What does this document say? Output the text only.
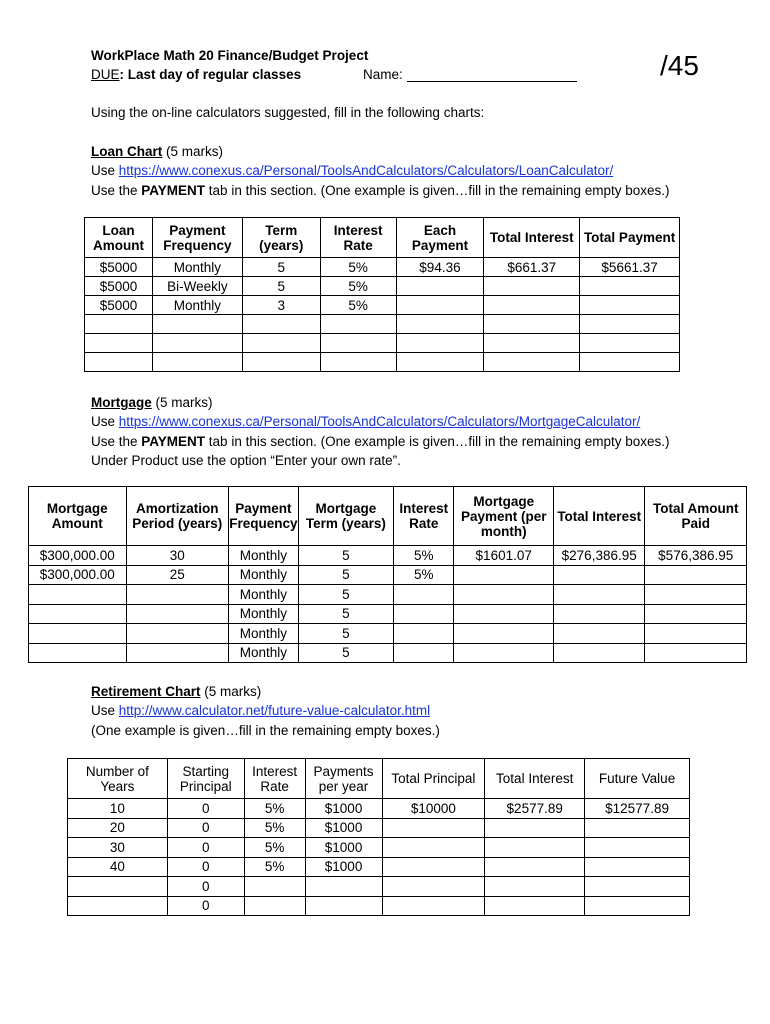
WorkPlace Math 20 Finance/Budget Project
DUE: Last day of regular classes	Name:	/45
Using the on-line calculators suggested, fill in the following charts:
Loan Chart (5 marks)
Use https://www.conexus.ca/Personal/ToolsAndCalculators/Calculators/LoanCalculator/
Use the PAYMENT tab in this section. (One example is given…fill in the remaining empty boxes.)
Loan Amount	Payment Frequency	Term (years)	Interest Rate	Each Payment	Total Interest	Total Payment
$5000	Monthly	5	5%	$94.36	$661.37	$5661.37
$5000	Bi-Weekly	5	5%			
$5000	Monthly	3	5%			

Mortgage (5 marks)
Use https://www.conexus.ca/Personal/ToolsAndCalculators/Calculators/MortgageCalculator/
Use the PAYMENT tab in this section. (One example is given…fill in the remaining empty boxes.)
Under Product use the option “Enter your own rate”.
Mortgage Amount	Amortization Period (years)	Payment Frequency	Mortgage Term (years)	Interest Rate	Mortgage Payment (per month)	Total Interest	Total Amount Paid
$300,000.00	30	Monthly	5	5%	$1601.07	$276,386.95	$576,386.95
$300,000.00	25	Monthly	5	5%			
		Monthly	5				
		Monthly	5				
		Monthly	5				
		Monthly	5				
Retirement Chart (5 marks)
Use http://www.calculator.net/future-value-calculator.html
(One example is given…fill in the remaining empty boxes.)
Number of Years	Starting Principal	Interest Rate	Payments per year	Total Principal	Total Interest	Future Value
10	0	5%	$1000	$10000	$2577.89	$12577.89
20	0	5%	$1000			
30	0	5%	$1000			
40	0	5%	$1000			
	0					
	0					
